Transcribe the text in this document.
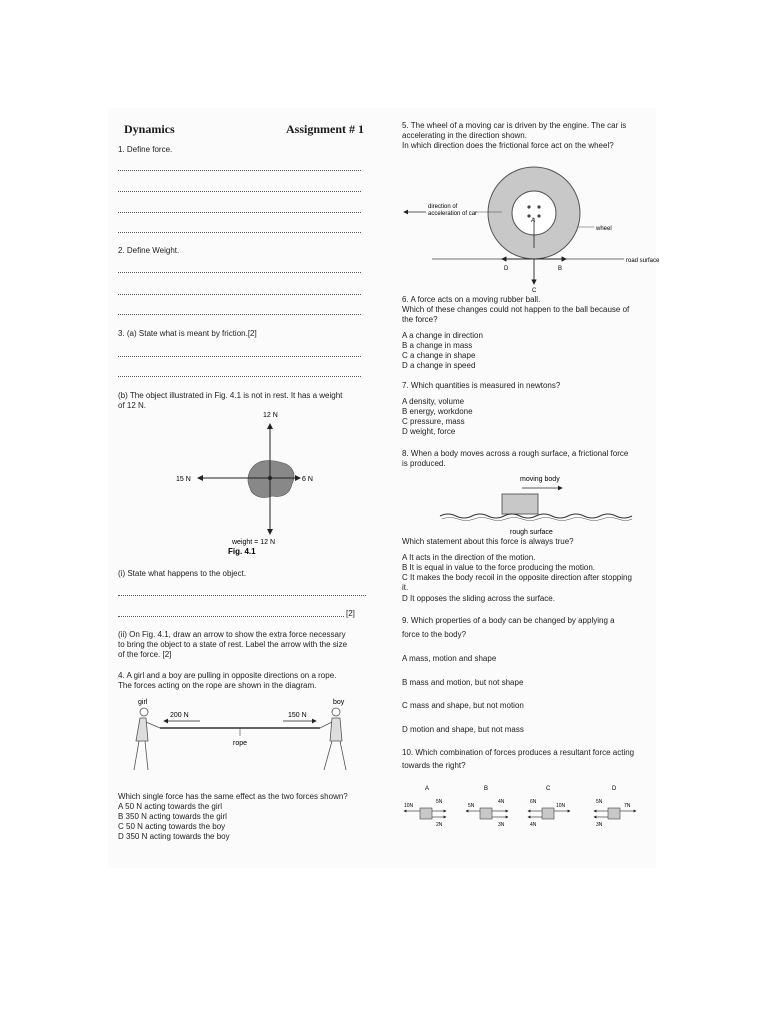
Dynamics	Assignment # 1
1. Define force.
2. Define Weight.
3. (a) State what is meant by friction.[2]
(b) The object illustrated in Fig. 4.1 is not in rest. It has a weight
of 12 N.
12 N
15 N	6 N
weight = 12 N
Fig. 4.1
(i) State what happens to the object.
[2]
(ii) On Fig. 4.1, draw an arrow to show the extra force necessary
to bring the object to a state of rest. Label the arrow with the size
of the force. [2]
4. A girl and a boy are pulling in opposite directions on a rope.
The forces acting on the rope are shown in the diagram.
girl	boy
200 N	150 N
rope
Which single force has the same effect as the two forces shown?
A 50 N acting towards the girl
B 350 N acting towards the girl
C 50 N acting towards the boy
D 350 N acting towards the boy
5. The wheel of a moving car is driven by the engine. The car is
accelerating in the direction shown.
In which direction does the frictional force act on the wheel?
A
direction of
acceleration of car
wheel
road surface
D	B
C
6. A force acts on a moving rubber ball.
Which of these changes could not happen to the ball because of
the force?
A a change in direction
B a change in mass
C a change in shape
D a change in speed
7. Which quantities is measured in newtons?
A density, volume
B energy, workdone
C pressure, mass
D weight, force
8. When a body moves across a rough surface, a frictional force
is produced.
moving body
rough surface
Which statement about this force is always true?
A It acts in the direction of the motion.
B It is equal in value to the force producing the motion.
C It makes the body recoil in the opposite direction after stopping
it.
D It opposes the sliding across the surface.
9. Which properties of a body can be changed by applying a
force to the body?
A mass, motion and shape
B mass and motion, but not shape
C mass and shape, but not motion
D motion and shape, but not mass
10. Which combination of forces produces a resultant force acting
towards the right?
A
10N
5N
2N
B
5N
4N
3N
C
6N
10N
4N
D
5N
7N
3N
